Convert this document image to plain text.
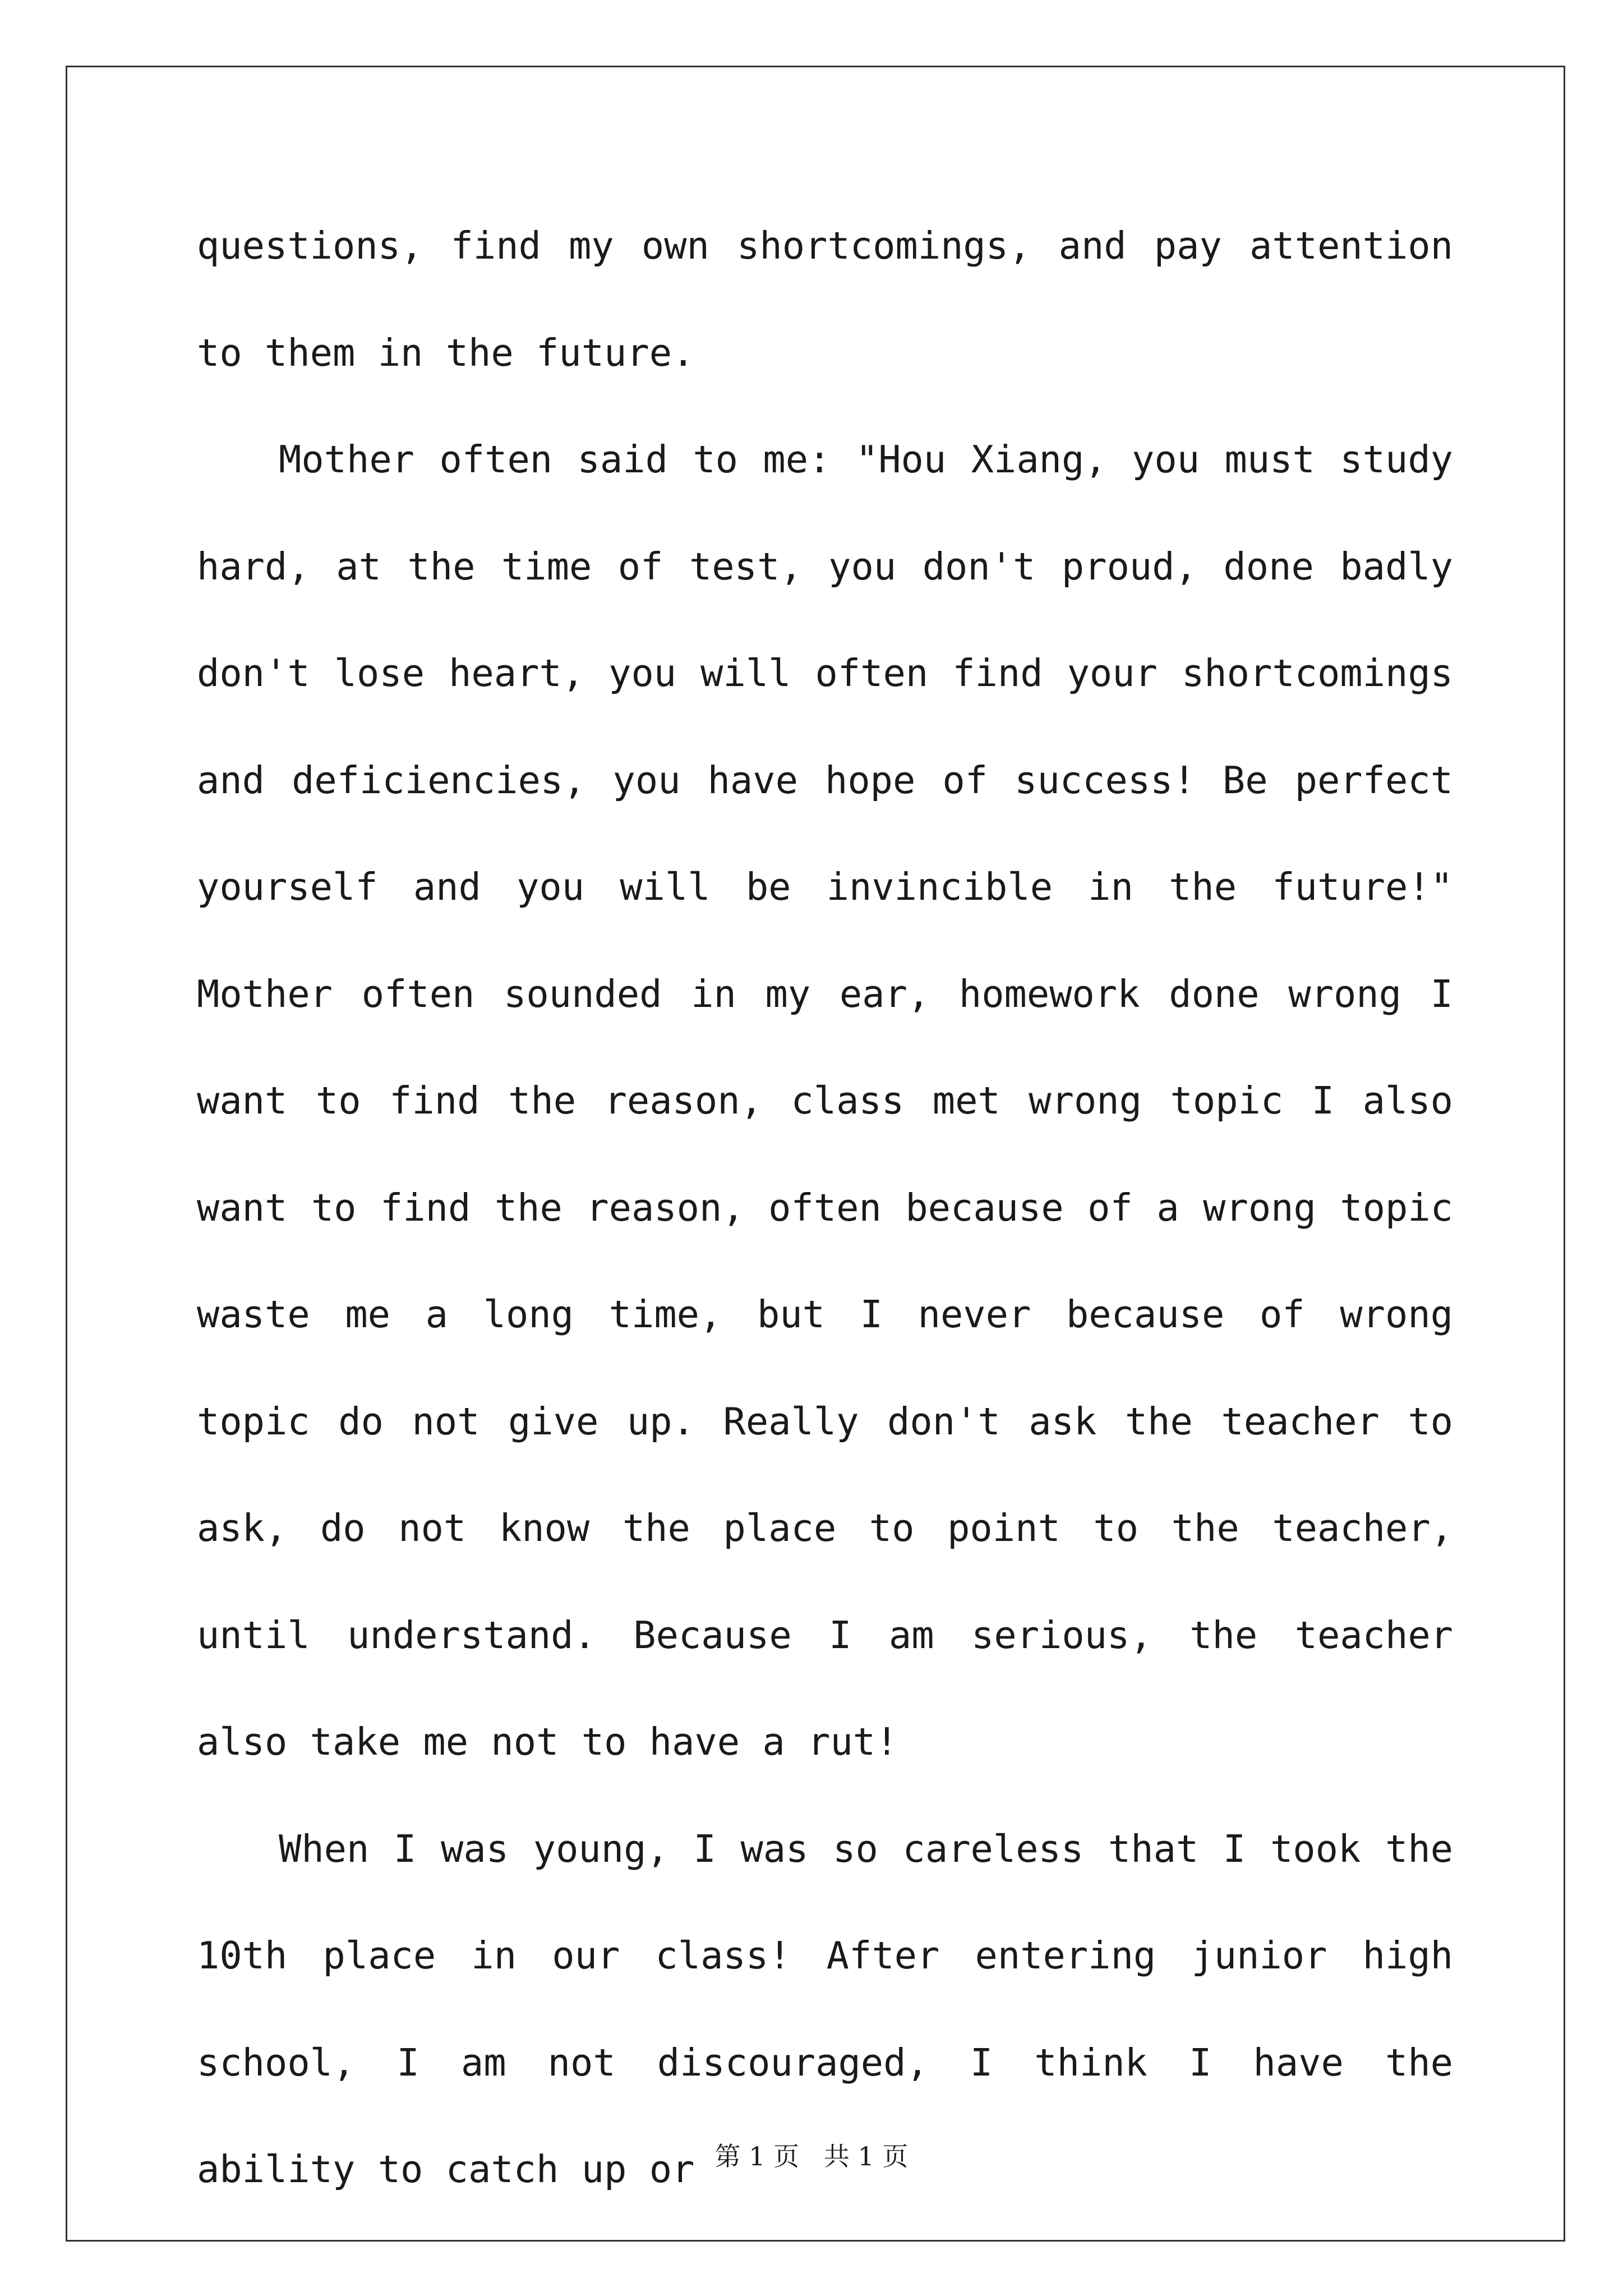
questions, find my own shortcomings, and pay attention to them in the future.

Mother often said to me: "Hou Xiang, you must study hard, at the time of test, you don't proud, done badly don't lose heart, you will often find your shortcomings and deficiencies, you have hope of success! Be perfect yourself and you will be invincible in the future!" Mother often sounded in my ear, homework done wrong I want to find the reason, class met wrong topic I also want to find the reason, often because of a wrong topic waste me a long time, but I never because of wrong topic do not give up. Really don't ask the teacher to ask, do not know the place to point to the teacher, until understand. Because I am serious, the teacher also take me not to have a rut!

When I was young, I was so careless that I took the 10th place in our class! After entering junior high school, I am not discouraged, I think I have the ability to catch up or 第 1 页   共 1 页
